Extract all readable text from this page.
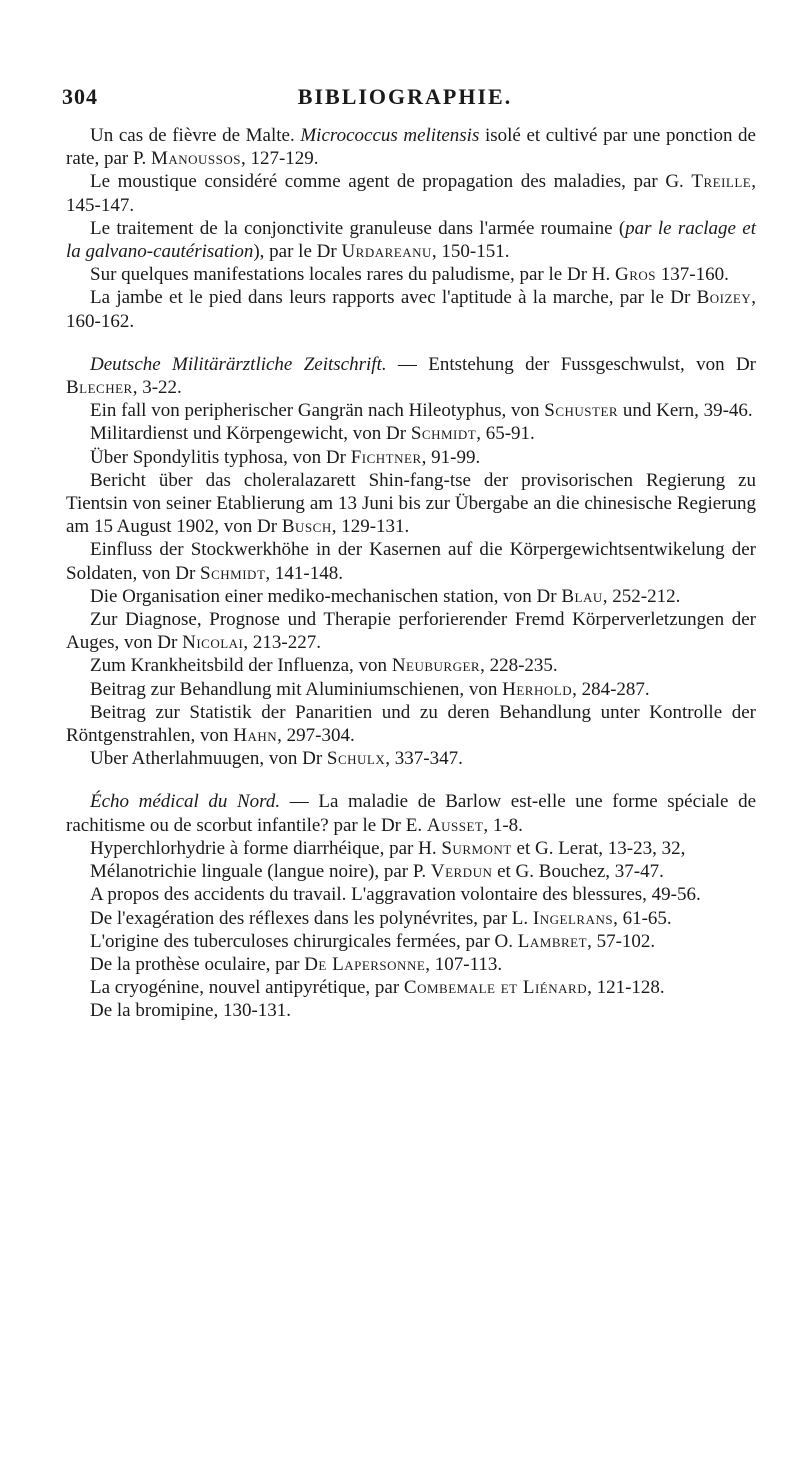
304	BIBLIOGRAPHIE.
Un cas de fièvre de Malte. Micrococcus melitensis isolé et cultivé par une ponction de rate, par P. Manoussos, 127-129.
Le moustique considéré comme agent de propagation des maladies, par G. Treille, 145-147.
Le traitement de la conjonctivite granuleuse dans l'armée roumaine (par le raclage et la galvano-cautérisation), par le Dr Urdareanu, 150-151.
Sur quelques manifestations locales rares du paludisme, par le Dr H. Gros 137-160.
La jambe et le pied dans leurs rapports avec l'aptitude à la marche, par le Dr Boizey, 160-162.
Deutsche Militärärztliche Zeitschrift. — Entstehung der Fussgeschwulst, von Dr Blecher, 3-22.
Ein fall von peripherischer Gangrän nach Hileotyphus, von Schuster und Kern, 39-46.
Militardienst und Körpengewicht, von Dr Schmidt, 65-91.
Über Spondylitis typhosa, von Dr Fichtner, 91-99.
Bericht über das choleralazarett Shin-fang-tse der provisorischen Regierung zu Tientsin von seiner Etablierung am 13 Juni bis zur Übergabe an die chinesische Regierung am 15 August 1902, von Dr Busch, 129-131.
Einfluss der Stockwerkhöhe in der Kasernen auf die Körpergewichtsentwikelung der Soldaten, von Dr Schmidt, 141-148.
Die Organisation einer mediko-mechanischen station, von Dr Blau, 252-212.
Zur Diagnose, Prognose und Therapie perforierender Fremd Körperverletzungen der Auges, von Dr Nicolai, 213-227.
Zum Krankheitsbild der Influenza, von Neuburger, 228-235.
Beitrag zur Behandlung mit Aluminiumschienen, von Herhold, 284-287.
Beitrag zur Statistik der Panaritien und zu deren Behandlung unter Kontrolle der Röntgenstrahlen, von Hahn, 297-304.
Uber Atherlahmuugen, von Dr Schulx, 337-347.
Écho médical du Nord. — La maladie de Barlow est-elle une forme spéciale de rachitisme ou de scorbut infantile? par le Dr E. Ausset, 1-8.
Hyperchlorhydrie à forme diarrhéique, par H. Surmont et G. Lerat, 13-23, 32,
Mélanotrichie linguale (langue noire), par P. Verdun et G. Bouchez, 37-47.
A propos des accidents du travail. L'aggravation volontaire des blessures, 49-56.
De l'exagération des réflexes dans les polynévrites, par L. Ingelrans, 61-65.
L'origine des tuberculoses chirurgicales fermées, par O. Lambret, 57-102.
De la prothèse oculaire, par De Lapersonne, 107-113.
La cryogénine, nouvel antipyrétique, par Combemale et Liénard, 121-128.
De la bromipine, 130-131.
